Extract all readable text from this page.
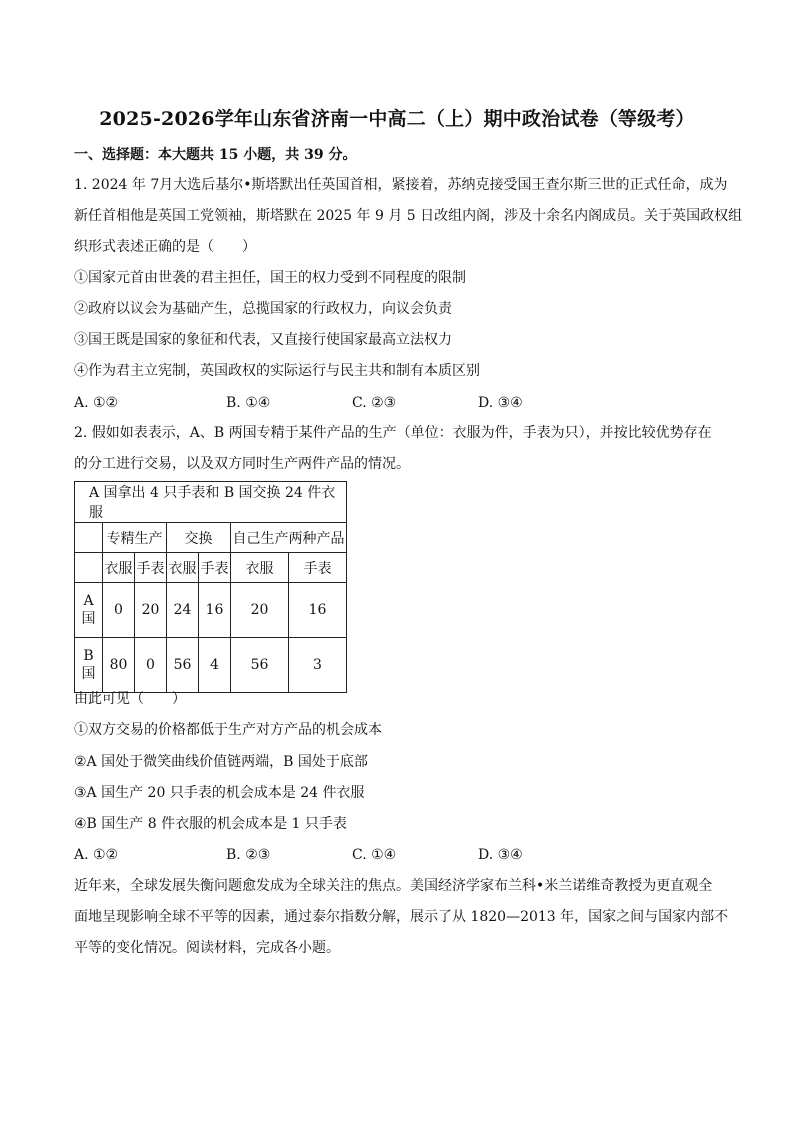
2025-2026学年山东省济南一中高二（上）期中政治试卷（等级考）
一、选择题：本大题共 15 小题，共 39 分。
1. 2024 年 7月大选后基尔•斯塔默出任英国首相，紧接着，苏纳克接受国王查尔斯三世的正式任命，成为
新任首相他是英国工党领袖，斯塔默在 2025 年 9 月 5 日改组内阁，涉及十余名内阁成员。关于英国政权组
织形式表述正确的是（　　）
①国家元首由世袭的君主担任，国王的权力受到不同程度的限制
②政府以议会为基础产生，总揽国家的行政权力，向议会负责
③国王既是国家的象征和代表，又直接行使国家最高立法权力
④作为君主立宪制，英国政权的实际运行与民主共和制有本质区别
A. ①②	B. ①④	C. ②③	D. ③④
2. 假如如表表示，A、B 两国专精于某件产品的生产（单位：衣服为件，手表为只），并按比较优势存在
的分工进行交易，以及双方同时生产两件产品的情况。
A 国拿出 4 只手表和 B 国交换 24 件衣服						
	专精生产		交换		自己生产两种产品	
	衣服	手表	衣服	手表	衣服	手表
A
国	0	20	24	16	20	16
B
国	80	0	56	4	56	3
由此可见（　　）
①双方交易的价格都低于生产对方产品的机会成本
②A 国处于微笑曲线价值链两端，B 国处于底部
③A 国生产 20 只手表的机会成本是 24 件衣服
④B 国生产 8 件衣服的机会成本是 1 只手表
A. ①②	B. ②③	C. ①④	D. ③④
近年来，全球发展失衡问题愈发成为全球关注的焦点。美国经济学家布兰科•米兰诺维奇教授为更直观全
面地呈现影响全球不平等的因素，通过泰尔指数分解，展示了从 1820—2013 年，国家之间与国家内部不
平等的变化情况。阅读材料，完成各小题。
